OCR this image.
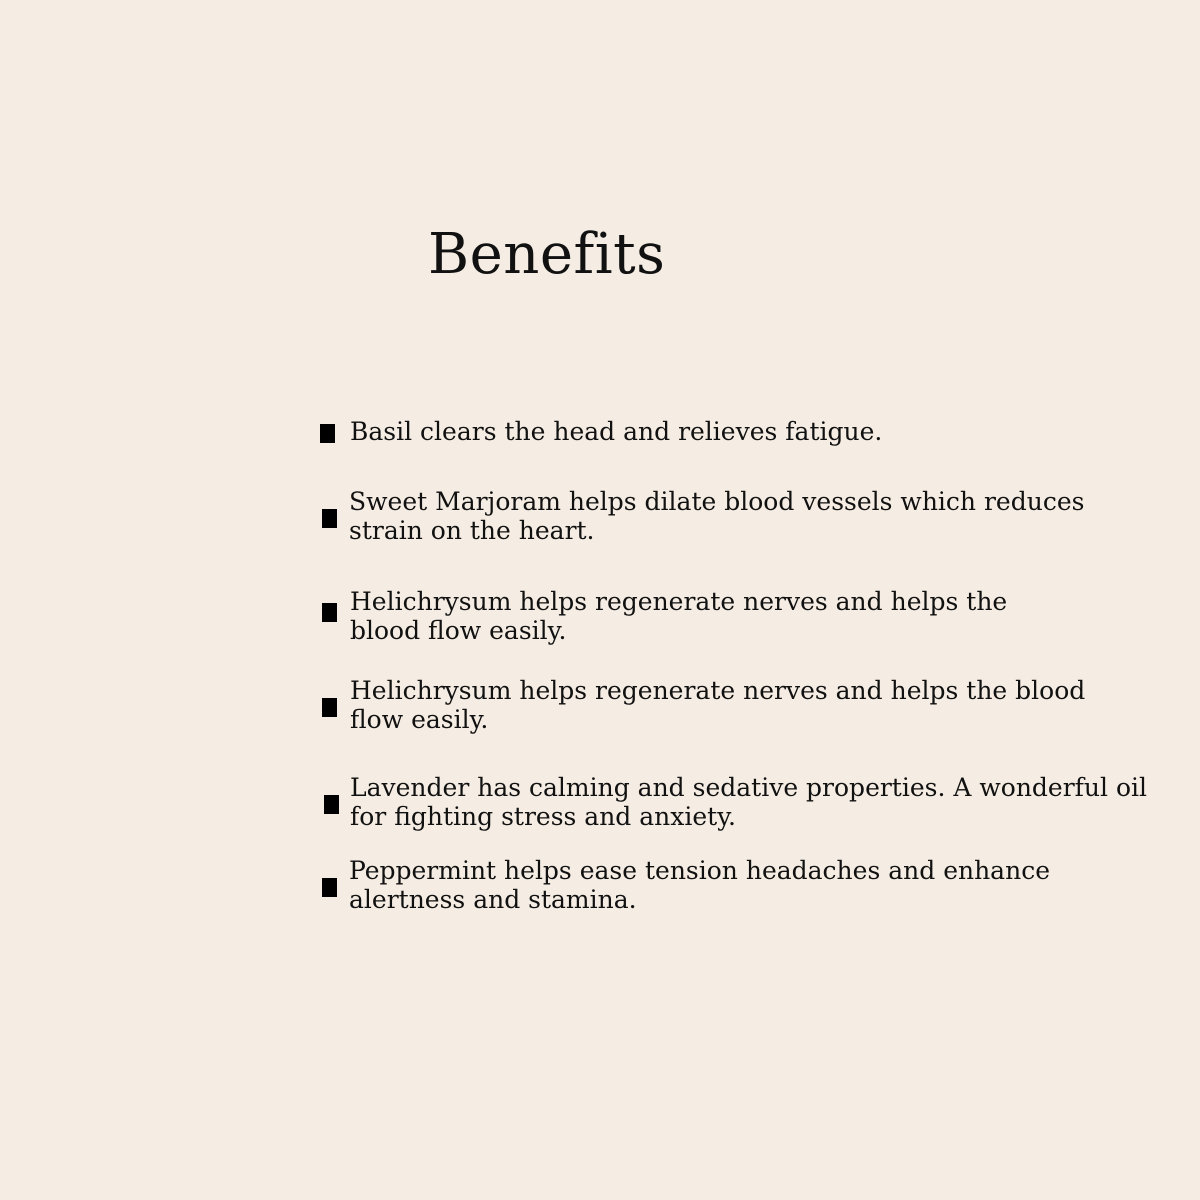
Benefits
Basil clears the head and relieves fatigue.
Sweet Marjoram helps dilate blood vessels which reduces
strain on the heart.
Helichrysum helps regenerate nerves and helps the
blood flow easily.
Helichrysum helps regenerate nerves and helps the blood
flow easily.
Lavender has calming and sedative properties. A wonderful oil
for fighting stress and anxiety.
Peppermint helps ease tension headaches and enhance
alertness and stamina.
